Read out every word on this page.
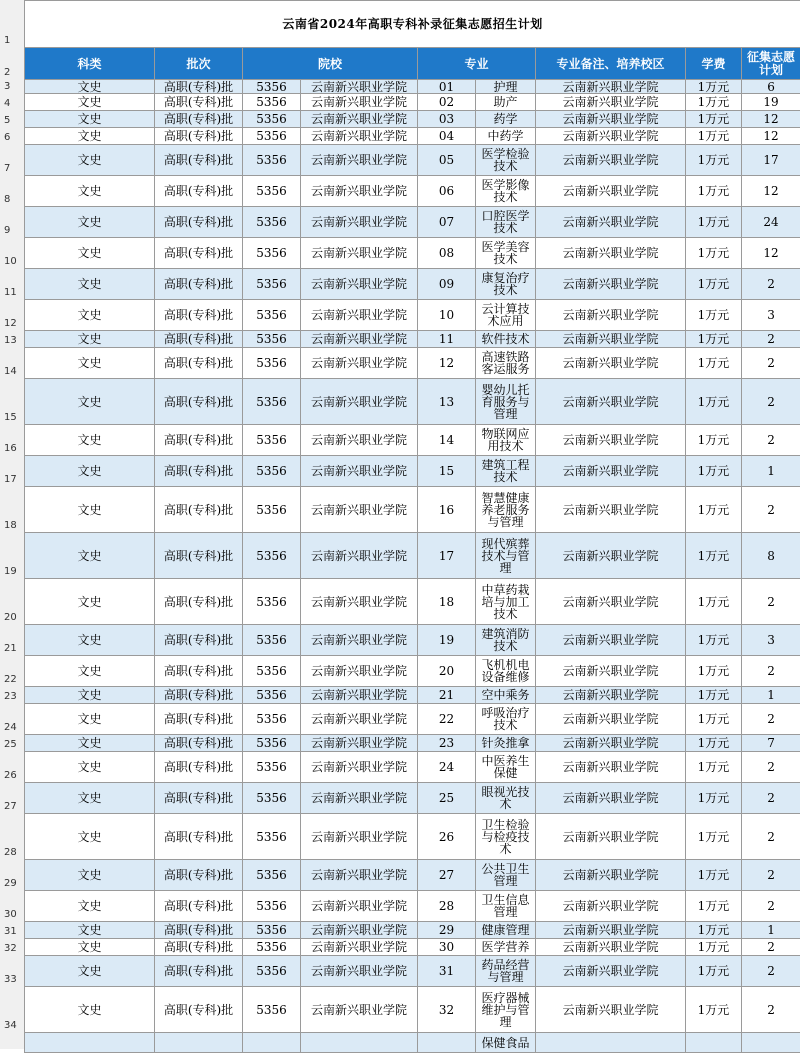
1
2
3
4
5
6
7
8
9
10
11
12
13
14
15
16
17
18
19
20
21
22
23
24
25
26
27
28
29
30
31
32
33
34
云南省2024年高职专科补录征集志愿招生计划								
科类	批次	院校		专业		专业备注、培养校区	学费	征集志愿计划
文史	高职(专科)批	5356	云南新兴职业学院	01	护理	云南新兴职业学院	1万元	6
文史	高职(专科)批	5356	云南新兴职业学院	02	助产	云南新兴职业学院	1万元	19
文史	高职(专科)批	5356	云南新兴职业学院	03	药学	云南新兴职业学院	1万元	12
文史	高职(专科)批	5356	云南新兴职业学院	04	中药学	云南新兴职业学院	1万元	12
文史	高职(专科)批	5356	云南新兴职业学院	05	医学检验技术	云南新兴职业学院	1万元	17
文史	高职(专科)批	5356	云南新兴职业学院	06	医学影像技术	云南新兴职业学院	1万元	12
文史	高职(专科)批	5356	云南新兴职业学院	07	口腔医学技术	云南新兴职业学院	1万元	24
文史	高职(专科)批	5356	云南新兴职业学院	08	医学美容技术	云南新兴职业学院	1万元	12
文史	高职(专科)批	5356	云南新兴职业学院	09	康复治疗技术	云南新兴职业学院	1万元	2
文史	高职(专科)批	5356	云南新兴职业学院	10	云计算技术应用	云南新兴职业学院	1万元	3
文史	高职(专科)批	5356	云南新兴职业学院	11	软件技术	云南新兴职业学院	1万元	2
文史	高职(专科)批	5356	云南新兴职业学院	12	高速铁路客运服务	云南新兴职业学院	1万元	2
文史	高职(专科)批	5356	云南新兴职业学院	13	婴幼儿托育服务与管理	云南新兴职业学院	1万元	2
文史	高职(专科)批	5356	云南新兴职业学院	14	物联网应用技术	云南新兴职业学院	1万元	2
文史	高职(专科)批	5356	云南新兴职业学院	15	建筑工程技术	云南新兴职业学院	1万元	1
文史	高职(专科)批	5356	云南新兴职业学院	16	智慧健康养老服务与管理	云南新兴职业学院	1万元	2
文史	高职(专科)批	5356	云南新兴职业学院	17	现代殡葬技术与管理	云南新兴职业学院	1万元	8
文史	高职(专科)批	5356	云南新兴职业学院	18	中草药栽培与加工技术	云南新兴职业学院	1万元	2
文史	高职(专科)批	5356	云南新兴职业学院	19	建筑消防技术	云南新兴职业学院	1万元	3
文史	高职(专科)批	5356	云南新兴职业学院	20	飞机机电设备维修	云南新兴职业学院	1万元	2
文史	高职(专科)批	5356	云南新兴职业学院	21	空中乘务	云南新兴职业学院	1万元	1
文史	高职(专科)批	5356	云南新兴职业学院	22	呼吸治疗技术	云南新兴职业学院	1万元	2
文史	高职(专科)批	5356	云南新兴职业学院	23	针灸推拿	云南新兴职业学院	1万元	7
文史	高职(专科)批	5356	云南新兴职业学院	24	中医养生保健	云南新兴职业学院	1万元	2
文史	高职(专科)批	5356	云南新兴职业学院	25	眼视光技术	云南新兴职业学院	1万元	2
文史	高职(专科)批	5356	云南新兴职业学院	26	卫生检验与检疫技术	云南新兴职业学院	1万元	2
文史	高职(专科)批	5356	云南新兴职业学院	27	公共卫生管理	云南新兴职业学院	1万元	2
文史	高职(专科)批	5356	云南新兴职业学院	28	卫生信息管理	云南新兴职业学院	1万元	2
文史	高职(专科)批	5356	云南新兴职业学院	29	健康管理	云南新兴职业学院	1万元	1
文史	高职(专科)批	5356	云南新兴职业学院	30	医学营养	云南新兴职业学院	1万元	2
文史	高职(专科)批	5356	云南新兴职业学院	31	药品经营与管理	云南新兴职业学院	1万元	2
文史	高职(专科)批	5356	云南新兴职业学院	32	医疗器械维护与管理	云南新兴职业学院	1万元	2
					保健食品			
